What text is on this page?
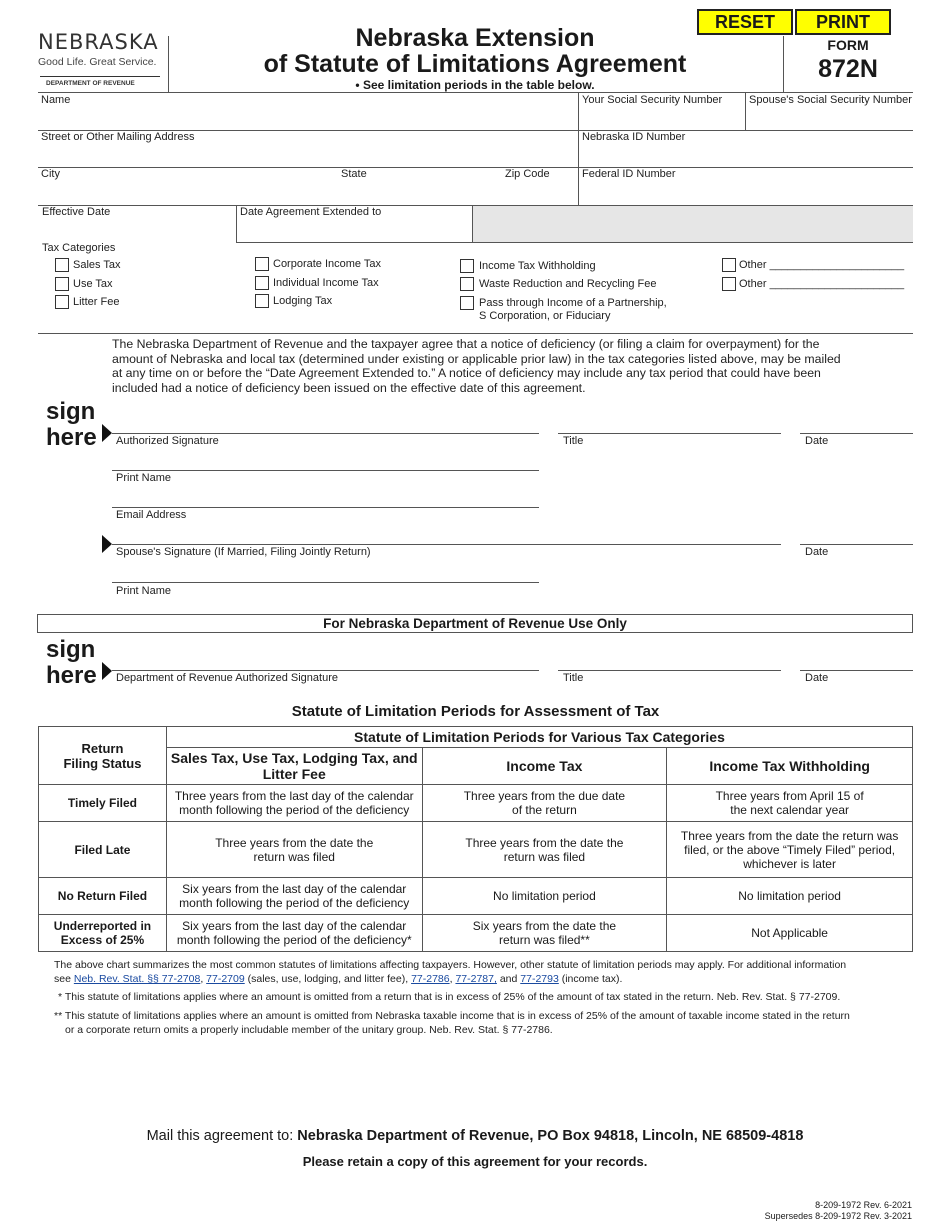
NEBRASKA
Good Life. Great Service.
DEPARTMENT OF REVENUE
Nebraska Extension
of Statute of Limitations Agreement
• See limitation periods in the table below.
RESET	PRINT
FORM
872N
Name	Your Social Security Number Spouse's Social Security Number
Street or Other Mailing Address	Nebraska ID Number
City	State	Zip Code	Federal ID Number
Effective Date	Date Agreement Extended to
Tax Categories
Sales Tax
Use Tax
Litter Fee
Corporate Income Tax
Individual Income Tax
Lodging Tax
Income Tax Withholding
Waste Reduction and Recycling Fee
Pass through Income of a Partnership,
S Corporation, or Fiduciary
Other ______________________
Other ______________________
The Nebraska Department of Revenue and the taxpayer agree that a notice of deficiency (or filing a claim for overpayment) for the amount of Nebraska and local tax (determined under existing or applicable prior law) in the tax categories listed above, may be mailed at any time on or before the “Date Agreement Extended to.” A notice of deficiency may include any tax period that could have been included had a notice of deficiency been issued on the effective date of this agreement.
sign
here Authorized Signature	Title	Date
Print Name
Email Address
Spouse's Signature (If Married, Filing Jointly Return)	Date
Print Name
For Nebraska Department of Revenue Use Only
sign
here Department of Revenue Authorized Signature	Title	Date
Statute of Limitation Periods for Assessment of Tax
Return
Filing Status	Statute of Limitation Periods for Various Tax Categories		
	Sales Tax, Use Tax, Lodging Tax, and Litter Fee	Income Tax	Income Tax Withholding
Timely Filed	Three years from the last day of the calendar month following the period of the deficiency	Three years from the due date of the return	Three years from April 15 of the next calendar year
Filed Late	Three years from the date the return was filed	Three years from the date the return was filed	Three years from the date the return was filed, or the above “Timely Filed” period, whichever is later
No Return Filed	Six years from the last day of the calendar month following the period of the deficiency	No limitation period	No limitation period
Underreported in Excess of 25%	Six years from the last day of the calendar month following the period of the deficiency*	Six years from the date the return was filed**	Not Applicable
The above chart summarizes the most common statutes of limitations affecting taxpayers. However, other statute of limitation periods may apply. For additional information
see Neb. Rev. Stat. §§ 77-2708, 77-2709 (sales, use, lodging, and litter fee), 77-2786, 77-2787, and 77-2793 (income tax).
* This statute of limitations applies where an amount is omitted from a return that is in excess of 25% of the amount of tax stated in the return. Neb. Rev. Stat. § 77-2709.
** This statute of limitations applies where an amount is omitted from Nebraska taxable income that is in excess of 25% of the amount of taxable income stated in the return
or a corporate return omits a properly includable member of the unitary group. Neb. Rev. Stat. § 77-2786.
Mail this agreement to: Nebraska Department of Revenue, PO Box 94818, Lincoln, NE 68509-4818
Please retain a copy of this agreement for your records.
8-209-1972 Rev. 6-2021
Supersedes 8-209-1972 Rev. 3-2021
